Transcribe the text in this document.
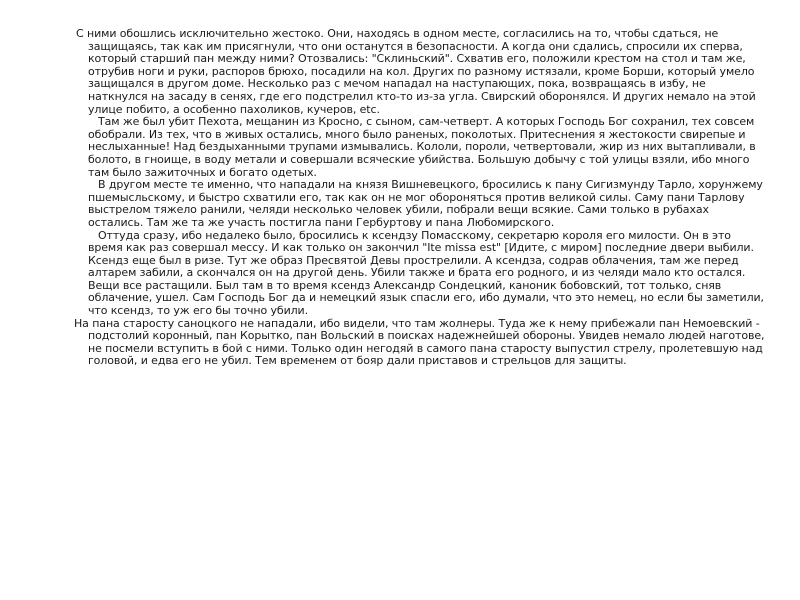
С ними обошлись исключительно жестоко. Они, находясь в одном месте, согласились на то, чтобы сдаться, не защищаясь, так как им присягнули, что они останутся в безопасности. А когда они сдались, спросили их сперва, который старший пан между ними? Отозвались: "Склиньский". Схватив его, положили крестом на стол и там же, отрубив ноги и руки, распоров брюхо, посадили на кол. Других по разному истязали, кроме Борши, который умело защищался в другом доме. Несколько раз с мечом нападал на наступающих, пока, возвращаясь в избу, не наткнулся на засаду в сенях, где его подстрелил кто-то из-за угла. Свирский оборонялся. И других немало на этой улице побито, а особенно пахоликов, кучеров, etc.

Там же был убит Пехота, мещанин из Кросно, с сыном, сам-четверт. А которых Господь Бог сохранил, тех совсем обобрали. Из тех, что в живых остались, много было раненых, поколотых. Притеснения я жестокости свирепые и неслыханные! Над бездыханными трупами измывались. Кололи, пороли, четвертовали, жир из них вытапливали, в болото, в гноище, в воду метали и совершали всяческие убийства. Большую добычу с той улицы взяли, ибо много там было зажиточных и богато одетых.

В другом месте те именно, что нападали на князя Вишневецкого, бросились к пану Сигизмунду Тарло, хорунжему пшемысльскому, и быстро схватили его, так как он не мог обороняться против великой силы. Саму пани Тарлову выстрелом тяжело ранили, челяди несколько человек убили, побрали вещи всякие. Сами только в рубахах остались. Там же та же участь постигла пани Гербуртову и пана Любомирского.

Оттуда сразу, ибо недалеко было, бросились к ксендзу Помасскому, секретарю короля его милости. Он в это время как раз совершал мессу. И как только он закончил "Ite missa est" [Идите, с миром] последние двери выбили. Ксендз еще был в ризе. Тут же образ Пресвятой Девы прострелили. А ксендза, содрав облачения, там же перед алтарем забили, а скончался он на другой день. Убили также и брата его родного, и из челяди мало кто остался. Вещи все растащили. Был там в то время ксендз Александр Сондецкий, каноник бобовский, тот только, сняв облачение, ушел. Сам Господь Бог да и немецкий язык спасли его, ибо думали, что это немец, но если бы заметили, что ксендз, то уж его бы точно убили.

На пана старосту саноцкого не нападали, ибо видели, что там жолнеры. Туда же к нему прибежали пан Немоевский - подстолий коронный, пан Корытко, пан Вольский в поисках надежнейшей обороны. Увидев немало людей наготове, не посмели вступить в бой с ними. Только один негодяй в самого пана старосту выпустил стрелу, пролетевшую над головой, и едва его не убил. Тем временем от бояр дали приставов и стрельцов для защиты.
